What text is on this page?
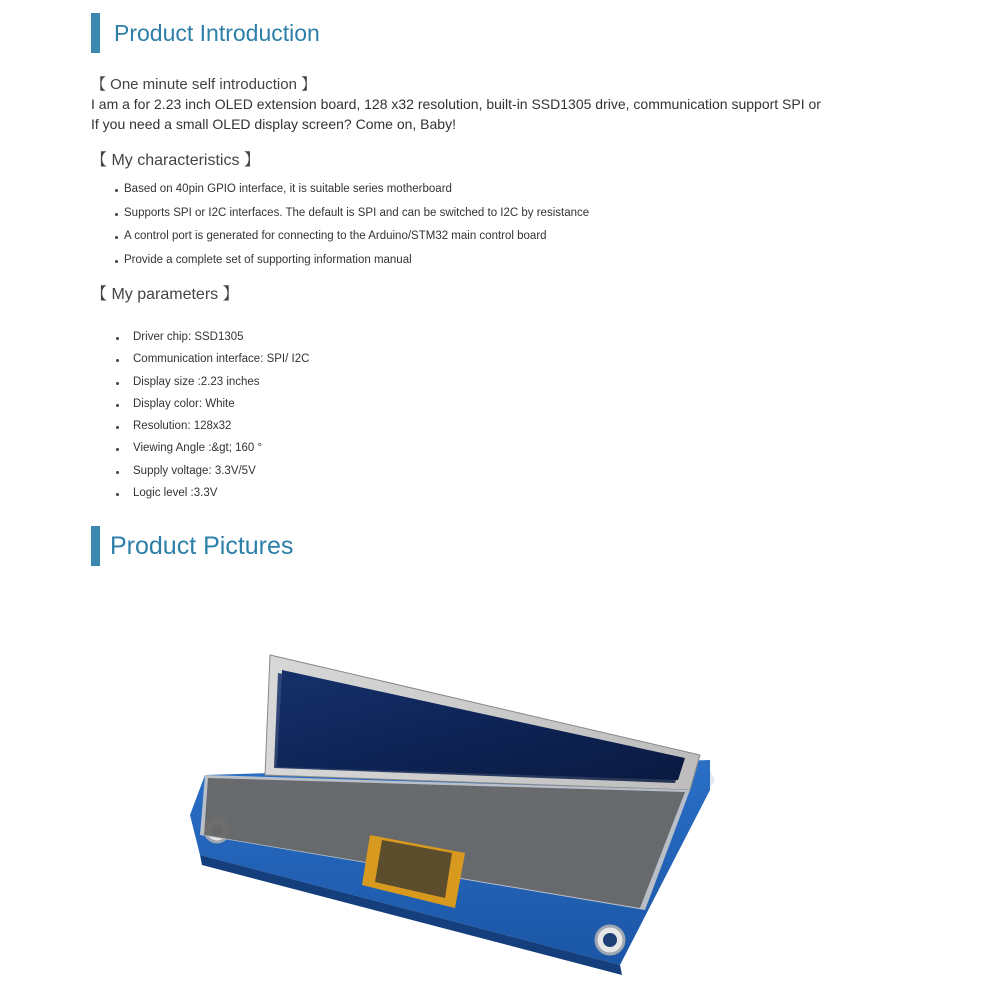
Product Introduction
【 One minute self introduction 】
I am a for 2.23 inch OLED extension board, 128 x32 resolution, built-in SSD1305 drive, communication support SPI or
If you need a small OLED display screen? Come on, Baby!
【 My characteristics 】
Based on 40pin GPIO interface, it is suitable series motherboard
Supports SPI or I2C interfaces. The default is SPI and can be switched to I2C by resistance
A control port is generated for connecting to the Arduino/STM32 main control board
Provide a complete set of supporting information manual
【 My parameters 】
Driver chip: SSD1305
Communication interface: SPI/ I2C
Display size :2.23 inches
Display color: White
Resolution: 128x32
Viewing Angle :&gt; 160 °
Supply voltage: 3.3V/5V
Logic level :3.3V
Product Pictures
